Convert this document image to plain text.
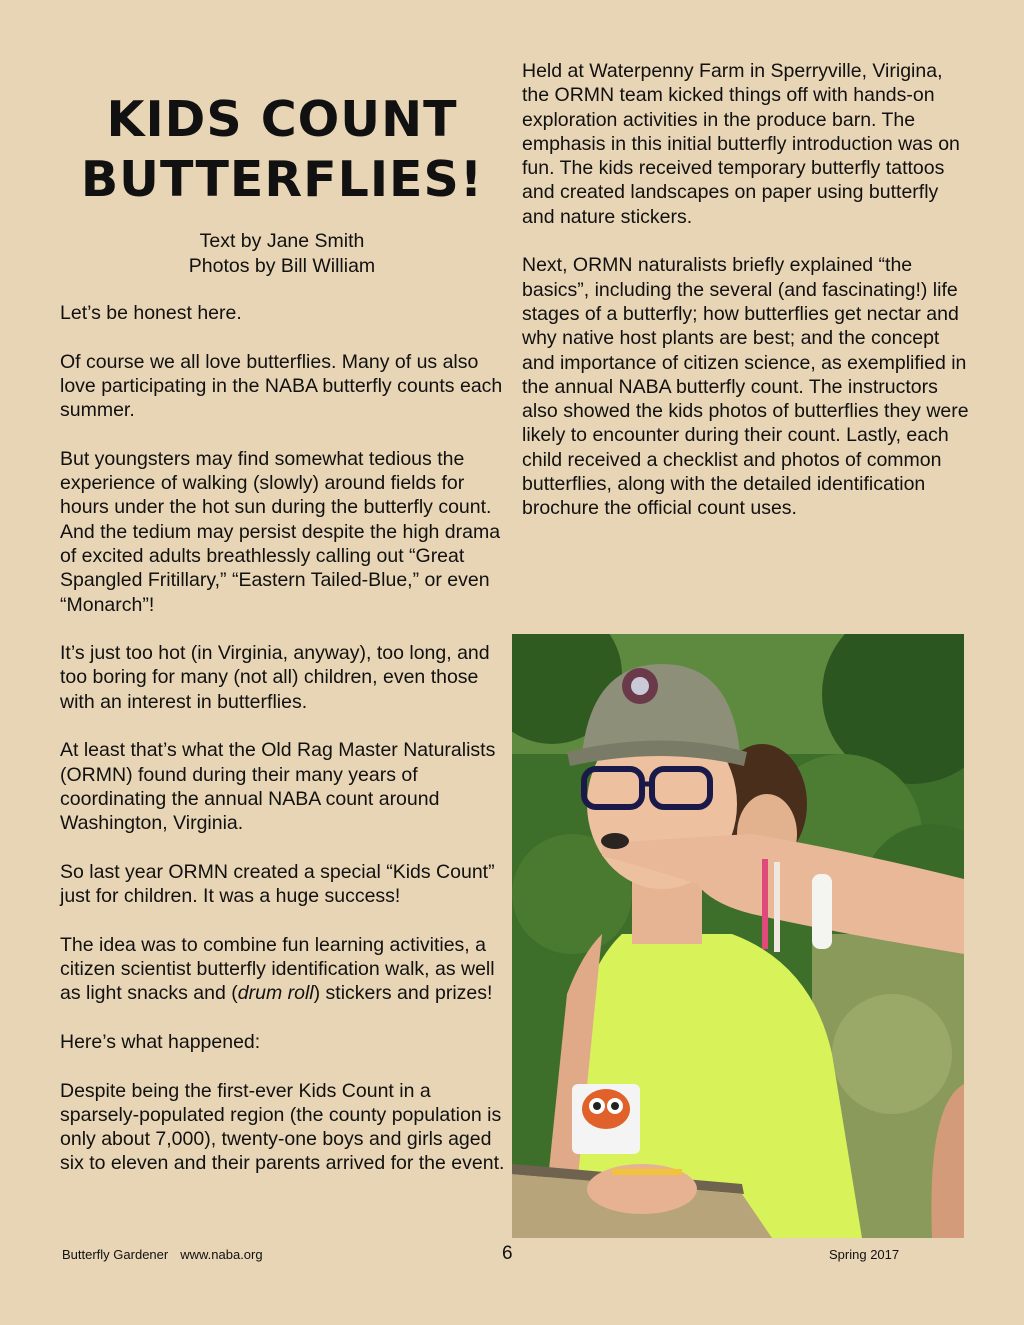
KIDS COUNT
BUTTERFLIES!
Text by Jane Smith
Photos by Bill William

Let’s be honest here.

Of course we all love butterflies. Many of us also love participating in the NABA butterfly counts each summer.

But youngsters may find somewhat tedious the experience of walking (slowly) around fields for hours under the hot sun during the butterfly count. And the tedium may persist despite the high drama of excited adults breathlessly calling out “Great Spangled Fritillary,” “Eastern Tailed-Blue,” or even “Monarch”!

It’s just too hot (in Virginia, anyway), too long, and too boring for many (not all) children, even those with an interest in butterflies.

At least that’s what the Old Rag Master Naturalists (ORMN) found during their many years of coordinating the annual NABA count around Washington, Virginia.

So last year ORMN created a special “Kids Count” just for children. It was a huge success!

The idea was to combine fun learning activities, a citizen scientist butterfly identification walk, as well as light snacks and (drum roll) stickers and prizes!

Here’s what happened:

Despite being the first-ever Kids Count in a sparsely-populated region (the county population is only about 7,000), twenty-one boys and girls aged six to eleven and their parents arrived for the event.

Held at Waterpenny Farm in Sperryville, Virigina, the ORMN team kicked things off with hands-on exploration activities in the produce barn. The emphasis in this initial butterfly introduction was on fun. The kids received temporary butterfly tattoos and created landscapes on paper using butterfly and nature stickers.

Next, ORMN naturalists briefly explained “the basics”, including the several (and fascinating!) life stages of a butterfly; how butterflies get nectar and why native host plants are best; and the concept and importance of citizen science, as exemplified in the annual NABA butterfly count. The instructors also showed the kids photos of butterflies they were likely to encounter during their count. Lastly, each child received a checklist and photos of common butterflies, along with the detailed identification brochure the official count uses.

Butterfly Gardener www.naba.org	6	Spring 2017
